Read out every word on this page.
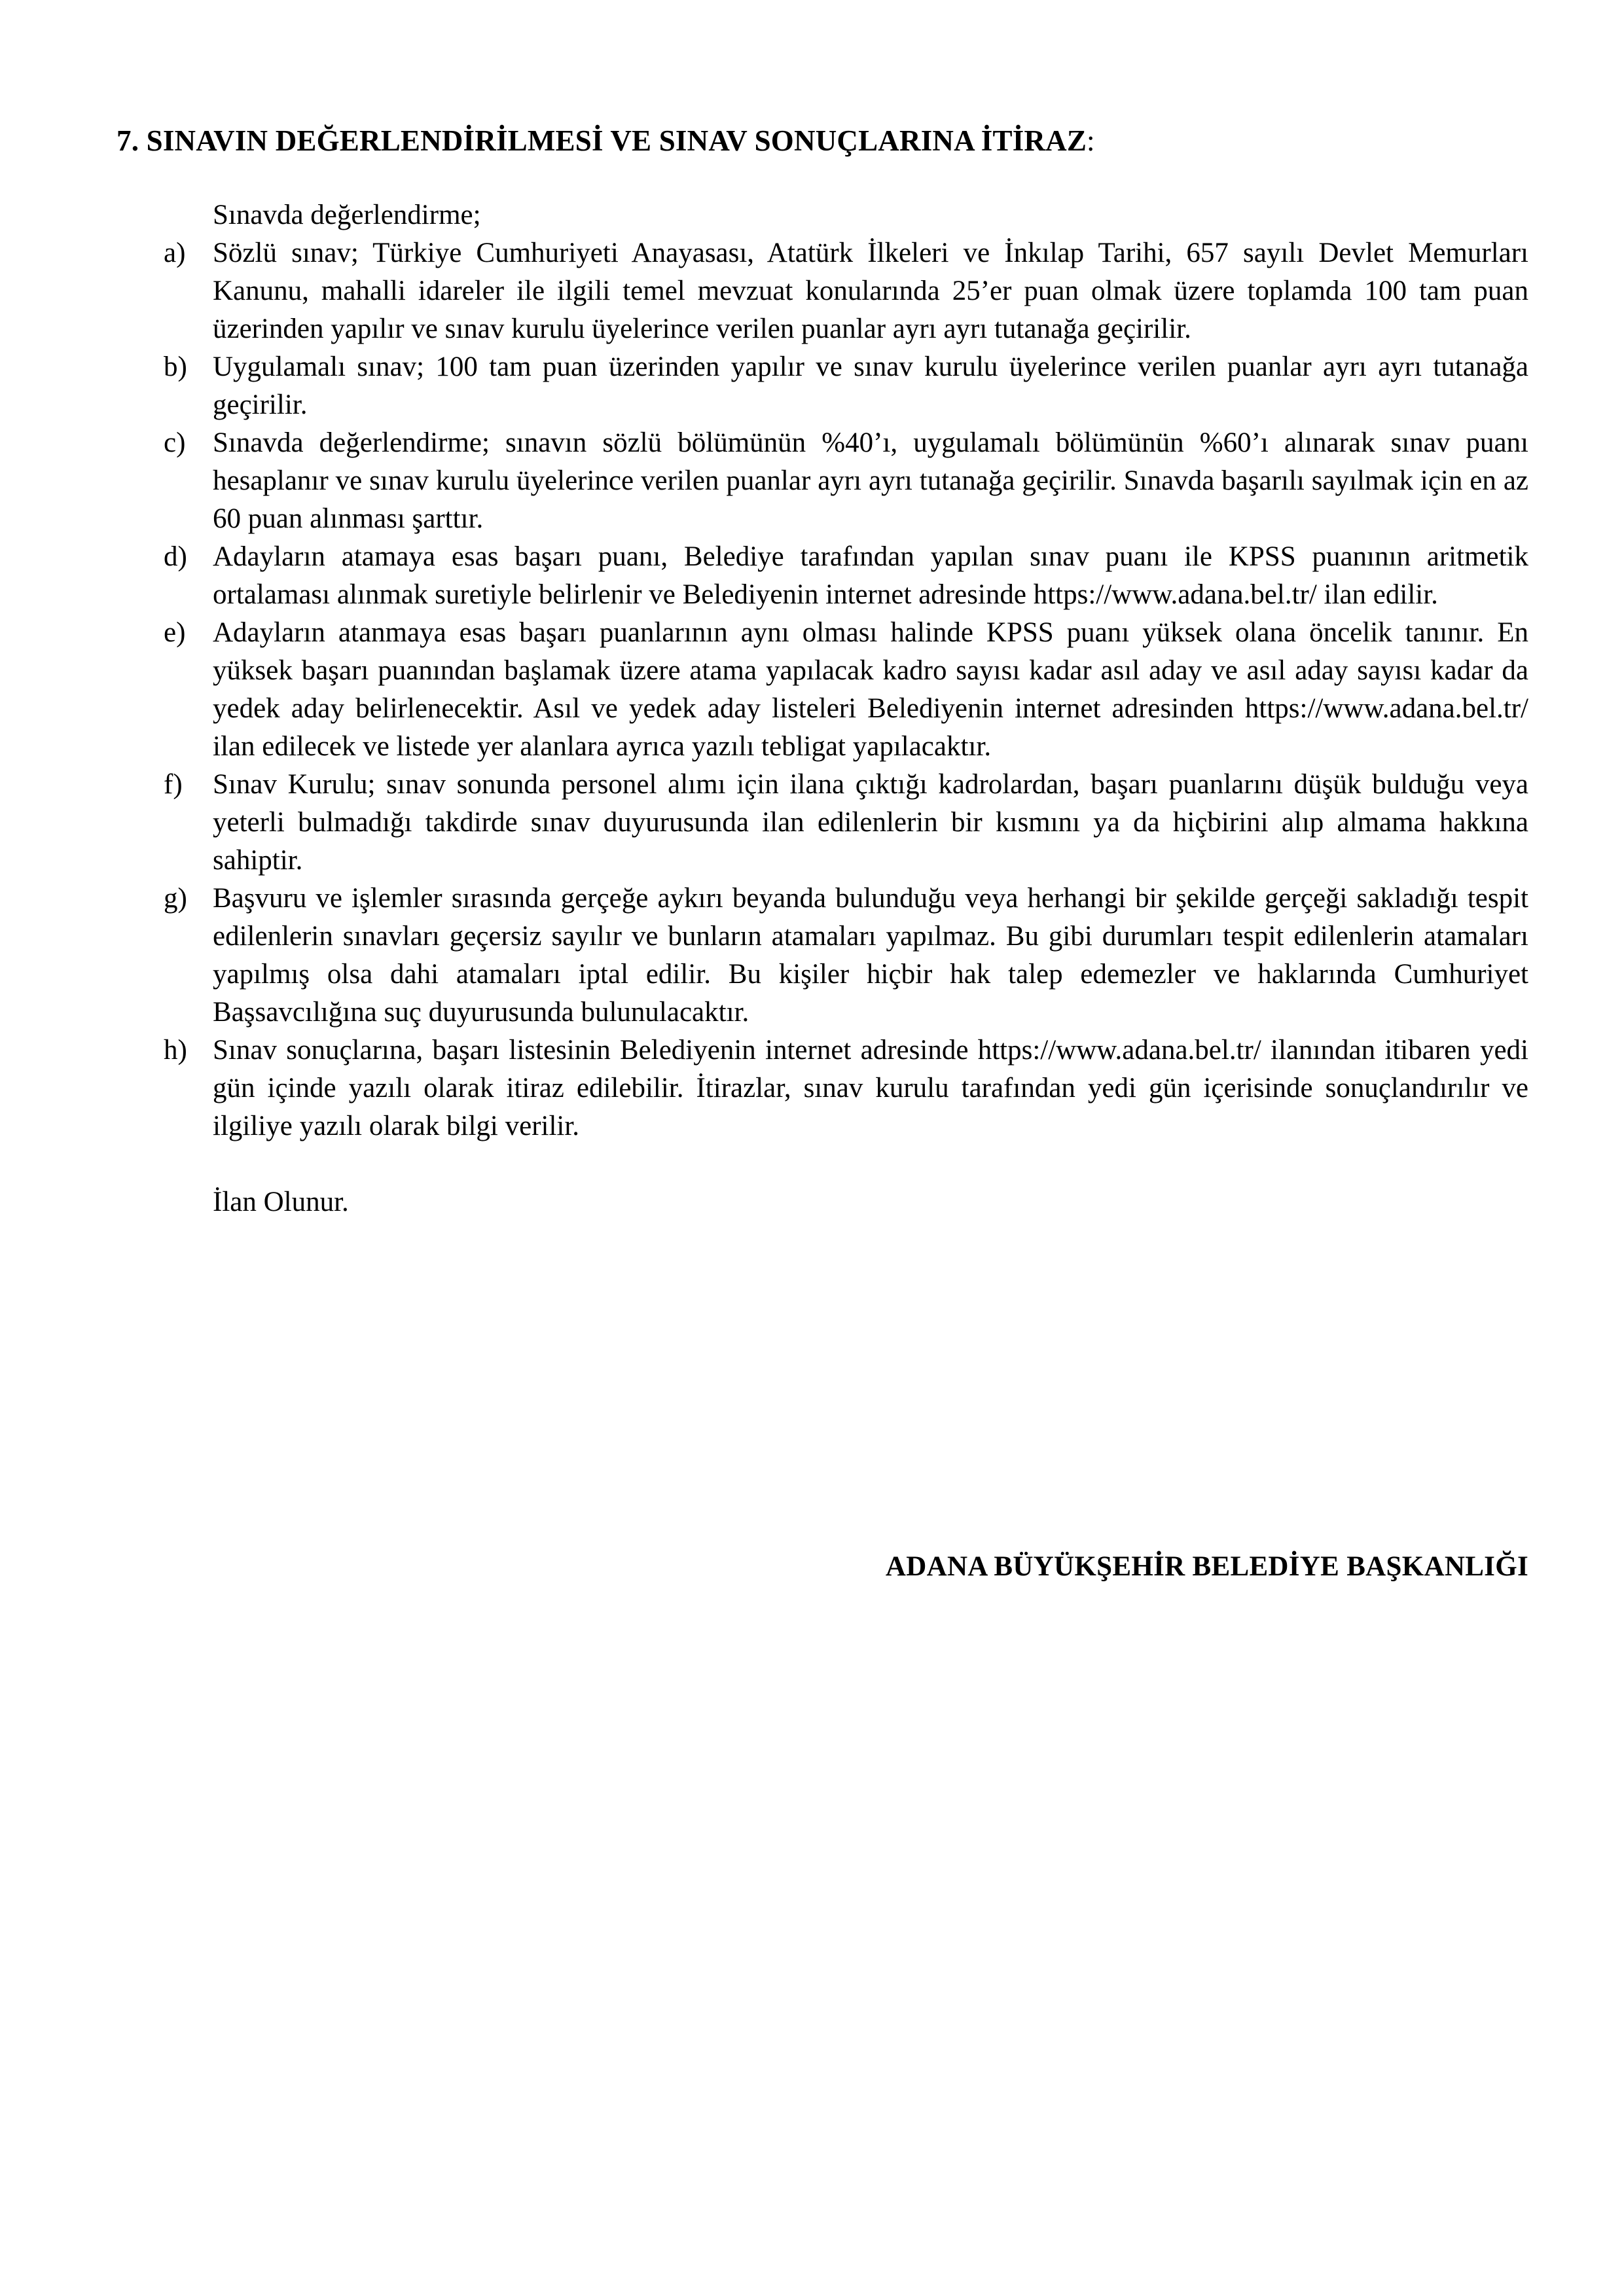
7. SINAVIN DEĞERLENDİRİLMESİ VE SINAV SONUÇLARINA İTİRAZ:

Sınavda değerlendirme;

a) Sözlü sınav; Türkiye Cumhuriyeti Anayasası, Atatürk İlkeleri ve İnkılap Tarihi, 657 sayılı Devlet Memurları Kanunu, mahalli idareler ile ilgili temel mevzuat konularında 25’er puan olmak üzere toplamda 100 tam puan üzerinden yapılır ve sınav kurulu üyelerince verilen puanlar ayrı ayrı tutanağa geçirilir.
b) Uygulamalı sınav; 100 tam puan üzerinden yapılır ve sınav kurulu üyelerince verilen puanlar ayrı ayrı tutanağa geçirilir.
c) Sınavda değerlendirme; sınavın sözlü bölümünün %40’ı, uygulamalı bölümünün %60’ı alınarak sınav puanı hesaplanır ve sınav kurulu üyelerince verilen puanlar ayrı ayrı tutanağa geçirilir. Sınavda başarılı sayılmak için en az 60 puan alınması şarttır.
d) Adayların atamaya esas başarı puanı, Belediye tarafından yapılan sınav puanı ile KPSS puanının aritmetik ortalaması alınmak suretiyle belirlenir ve Belediyenin internet adresinde https://www.adana.bel.tr/ ilan edilir.
e) Adayların atanmaya esas başarı puanlarının aynı olması halinde KPSS puanı yüksek olana öncelik tanınır. En yüksek başarı puanından başlamak üzere atama yapılacak kadro sayısı kadar asıl aday ve asıl aday sayısı kadar da yedek aday belirlenecektir. Asıl ve yedek aday listeleri Belediyenin internet adresinden https://www.adana.bel.tr/ ilan edilecek ve listede yer alanlara ayrıca yazılı tebligat yapılacaktır.
f)	Sınav Kurulu; sınav sonunda personel alımı için ilana çıktığı kadrolardan, başarı puanlarını düşük bulduğu veya yeterli bulmadığı takdirde sınav duyurusunda ilan edilenlerin bir kısmını ya da hiçbirini alıp almama hakkına sahiptir.
g) Başvuru ve işlemler sırasında gerçeğe aykırı beyanda bulunduğu veya herhangi bir şekilde gerçeği sakladığı tespit edilenlerin sınavları geçersiz sayılır ve bunların atamaları yapılmaz. Bu gibi durumları tespit edilenlerin atamaları yapılmış olsa dahi atamaları iptal edilir. Bu kişiler hiçbir hak talep edemezler ve haklarında Cumhuriyet Başsavcılığına suç duyurusunda bulunulacaktır.
h) Sınav sonuçlarına, başarı listesinin Belediyenin internet adresinde https://www.adana.bel.tr/ ilanından itibaren yedi gün içinde yazılı olarak itiraz edilebilir. İtirazlar, sınav kurulu tarafından yedi gün içerisinde sonuçlandırılır ve ilgiliye yazılı olarak bilgi verilir.

İlan Olunur.

ADANA BÜYÜKŞEHİR BELEDİYE BAŞKANLIĞI
